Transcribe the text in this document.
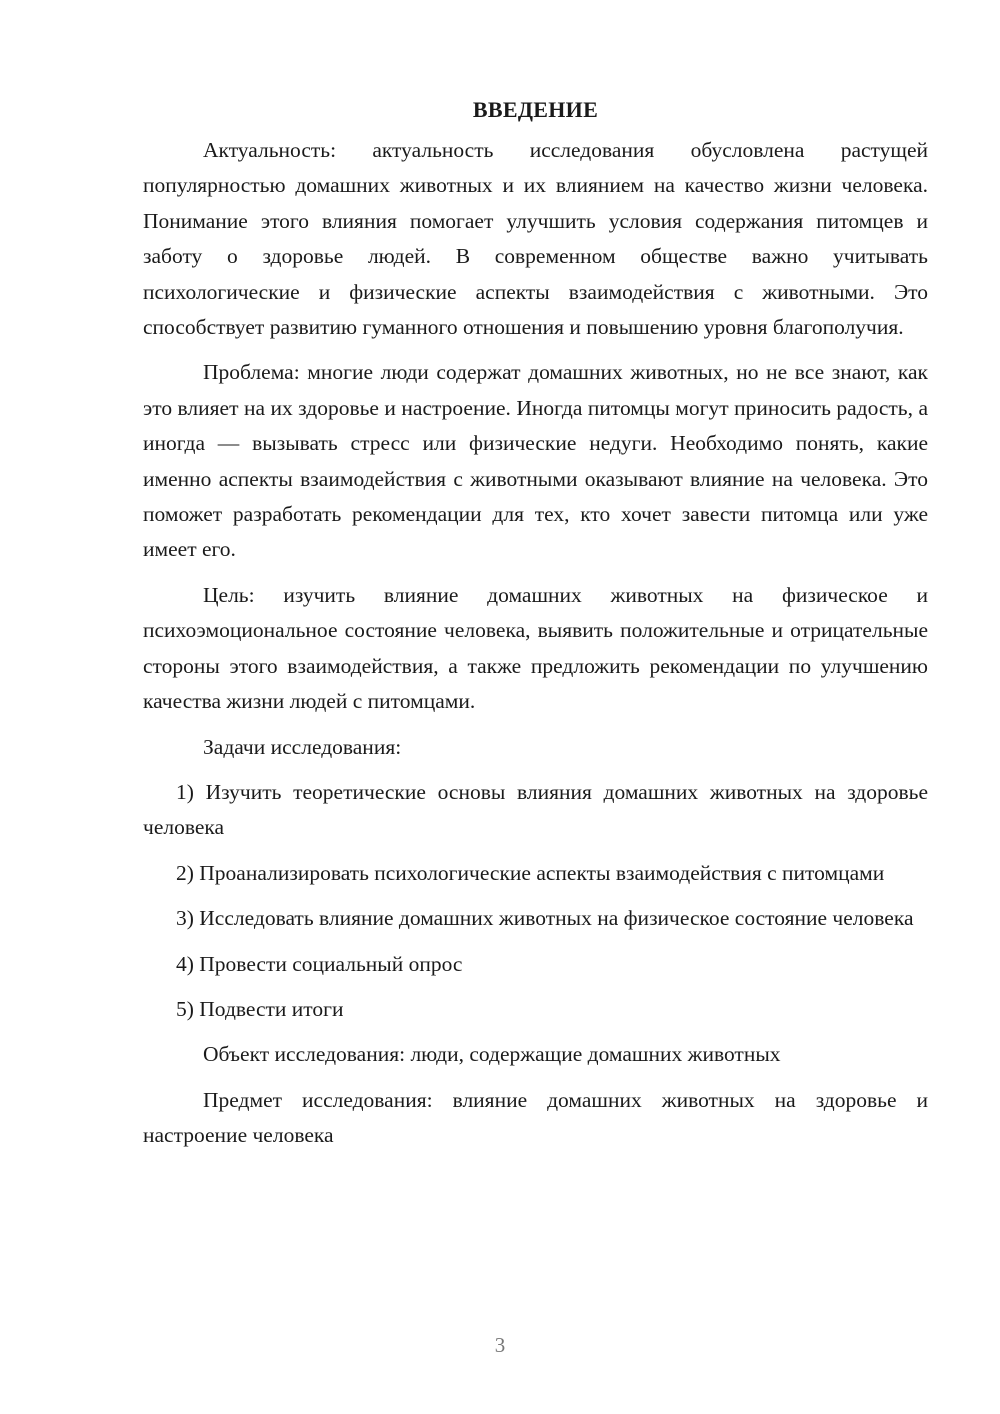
ВВЕДЕНИЕ

Актуальность: актуальность исследования обусловлена растущей популярностью домашних животных и их влиянием на качество жизни человека. Понимание этого влияния помогает улучшить условия содержания питомцев и заботу о здоровье людей. В современном обществе важно учитывать психологические и физические аспекты взаимодействия с животными. Это способствует развитию гуманного отношения и повышению уровня благополучия.

Проблема: многие люди содержат домашних животных, но не все знают, как это влияет на их здоровье и настроение. Иногда питомцы могут приносить радость, а иногда — вызывать стресс или физические недуги. Необходимо понять, какие именно аспекты взаимодействия с животными оказывают влияние на человека. Это поможет разработать рекомендации для тех, кто хочет завести питомца или уже имеет его.

Цель: изучить влияние домашних животных на физическое и психоэмоциональное состояние человека, выявить положительные и отрицательные стороны этого взаимодействия, а также предложить рекомендации по улучшению качества жизни людей с питомцами.

Задачи исследования:

1) Изучить теоретические основы влияния домашних животных на здоровье человека

2) Проанализировать психологические аспекты взаимодействия с питомцами

3) Исследовать влияние домашних животных на физическое состояние человека

4) Провести социальный опрос

5) Подвести итоги

Объект исследования: люди, содержащие домашних животных

Предмет исследования: влияние домашних животных на здоровье и настроение человека

3
